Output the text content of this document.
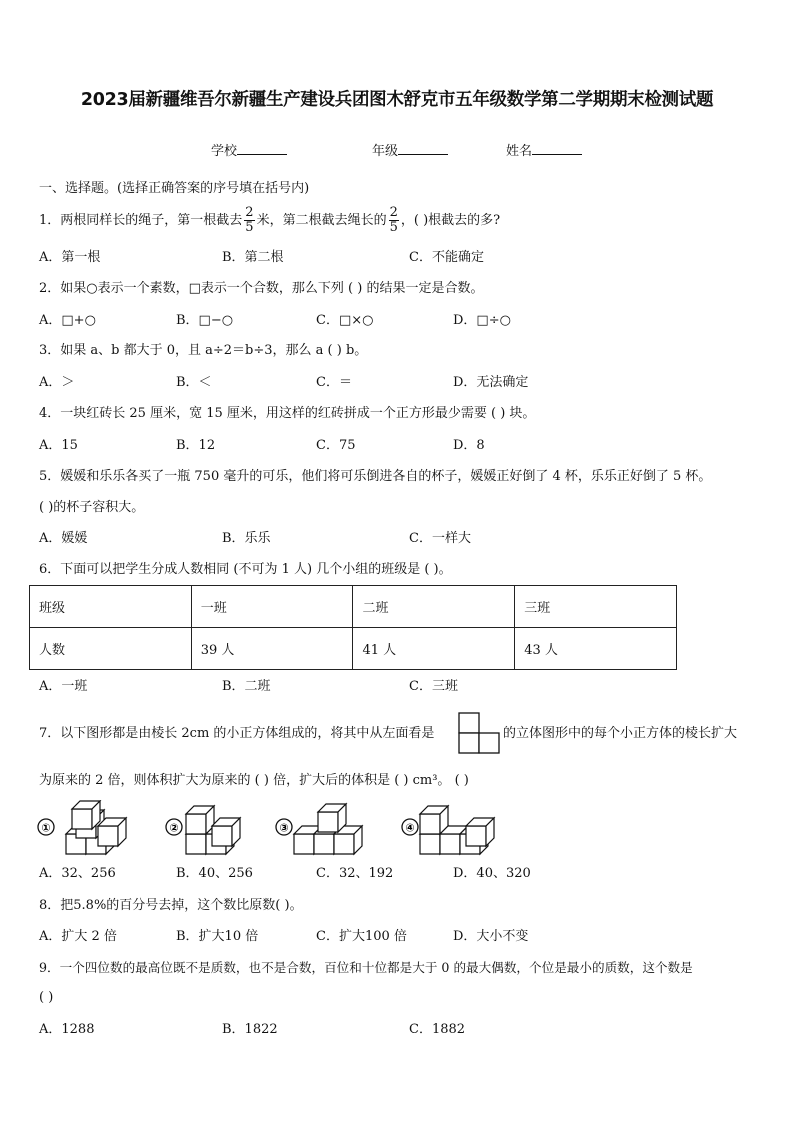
2023届新疆维吾尔新疆生产建设兵团图木舒克市五年级数学第二学期期末检测试题
学校	年级	姓名
一、选择题。(选择正确答案的序号填在括号内)
1．两根同样长的绳子，第一根截去 $\frac{2}{5}$ 米，第二根截去绳长的 $\frac{2}{5}$ ，( )根截去的多?
A．第一根	B．第二根	C．不能确定
2．如果○表示一个素数，□表示一个合数，那么下列 ( ) 的结果一定是合数。
A．□+○	B．□−○	C．□×○	D．□÷○
3．如果 a、b 都大于 0，且 a÷2＝b÷3，那么 a ( ) b。
A．＞	B．＜	C．＝	D．无法确定
4．一块红砖长 25 厘米，宽 15 厘米，用这样的红砖拼成一个正方形最少需要 ( ) 块。
A．15	B．12	C．75	D．8
5．媛媛和乐乐各买了一瓶 750 毫升的可乐，他们将可乐倒进各自的杯子，媛媛正好倒了 4 杯，乐乐正好倒了 5 杯。
( )的杯子容积大。
A．媛媛	B．乐乐	C．一样大
6．下面可以把学生分成人数相同 (不可为 1 人) 几个小组的班级是 ( )。
班级	一班	二班	三班
人数	39 人	41 人	43 人
A．一班	B．二班	C．三班
7．以下图形都是由棱长 2cm 的小正方体组成的，将其中从左面看是	的立体图形中的每个小正方体的棱长扩大
为原来的 2 倍，则体积扩大为原来的 ( ) 倍，扩大后的体积是 ( ) cm³。 ( )
①	②	③	④
A．32、256	B．40、256	C．32、192	D．40、320
8．把5.8%的百分号去掉，这个数比原数( )。
A．扩大 2 倍	B．扩大10 倍	C．扩大100 倍	D．大小不变
9．一个四位数的最高位既不是质数，也不是合数，百位和十位都是大于 0 的最大偶数，个位是最小的质数，这个数是
( )
A．1288	B．1822	C．1882
